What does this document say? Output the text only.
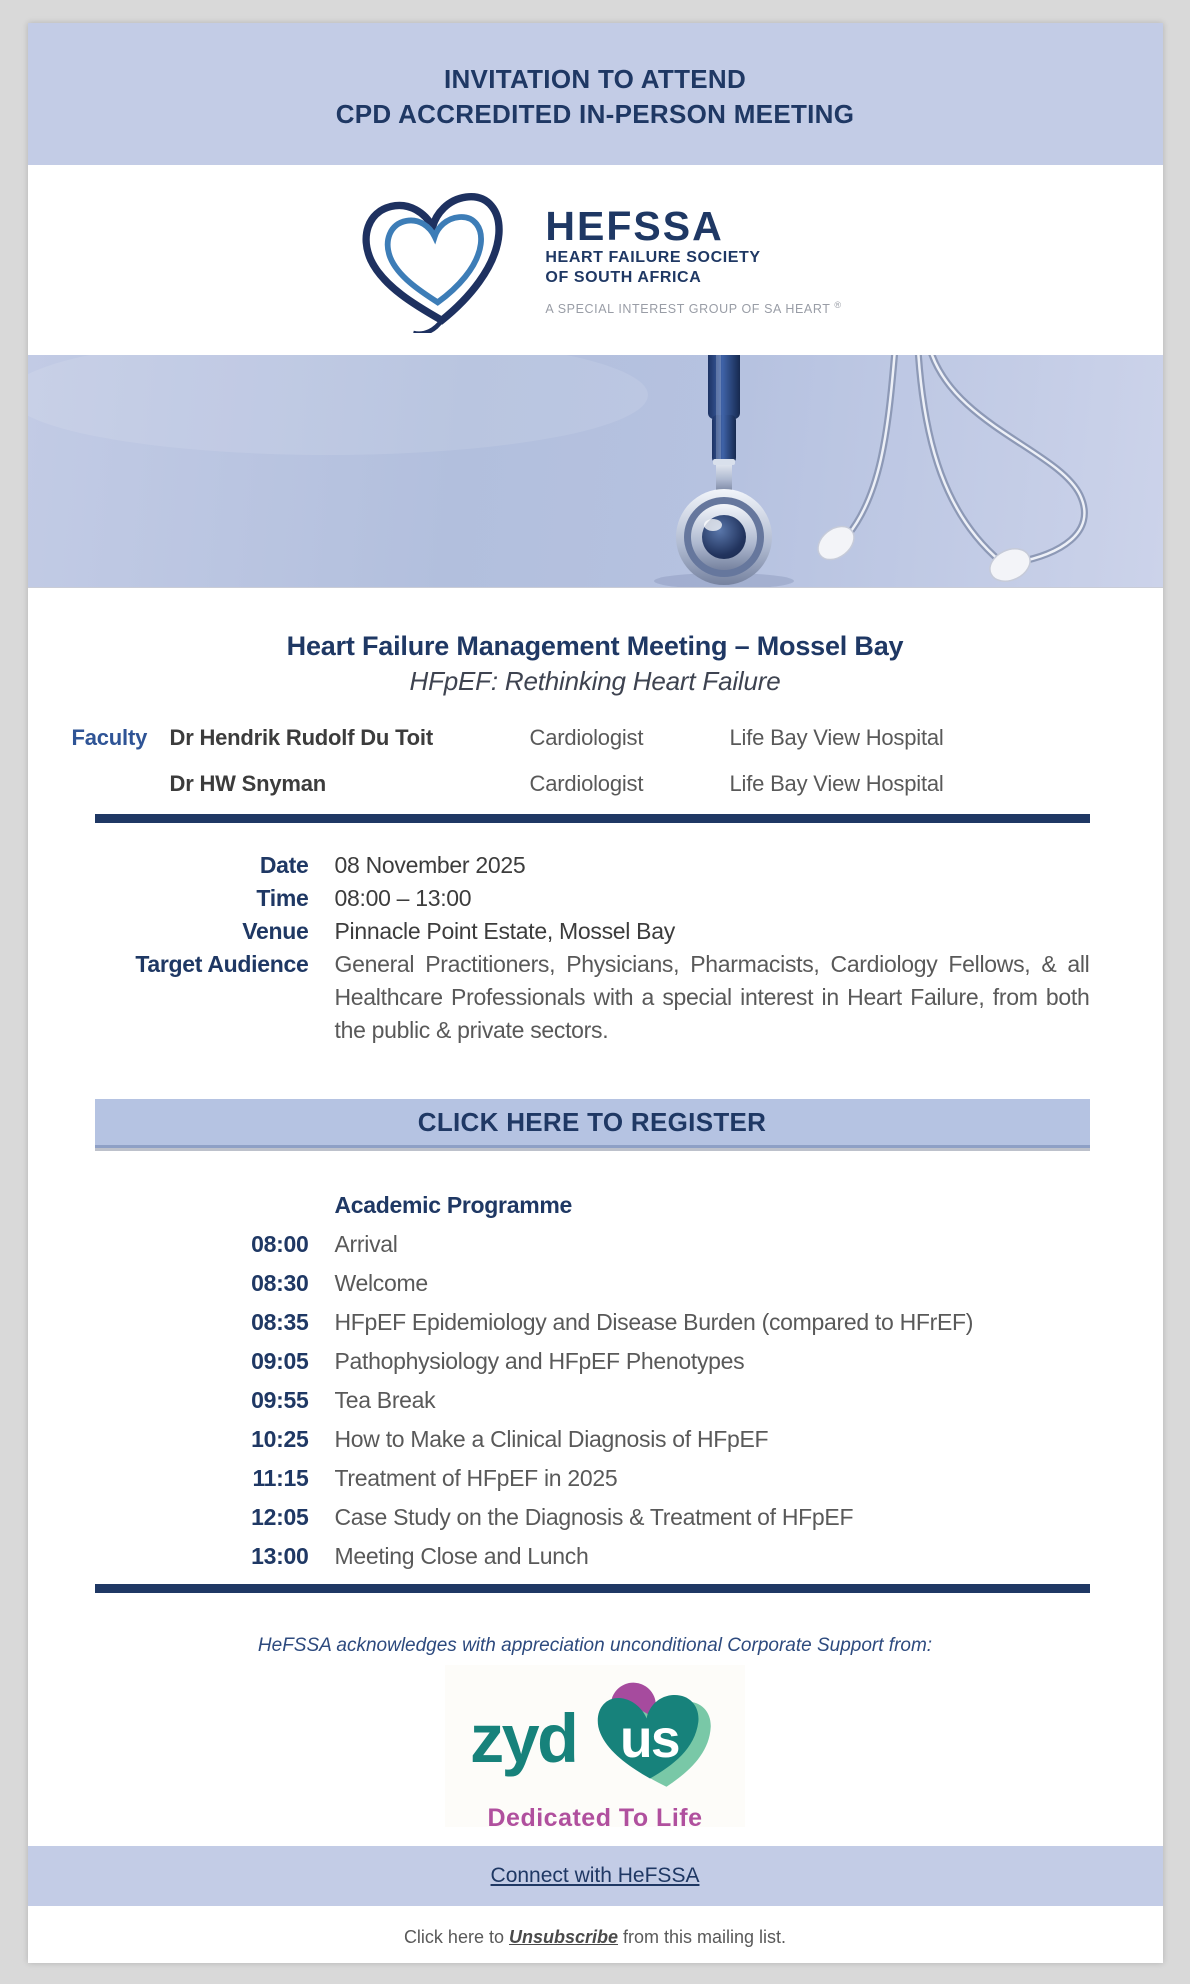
INVITATION TO ATTEND
CPD ACCREDITED IN-PERSON MEETING
HEFSSA
HEART FAILURE SOCIETY
OF SOUTH AFRICA
A SPECIAL INTEREST GROUP OF SA HEART ®
Heart Failure Management Meeting – Mossel Bay
HFpEF: Rethinking Heart Failure
Faculty	Dr Hendrik Rudolf Du Toit	Cardiologist	Life Bay View Hospital
Dr HW Snyman	Cardiologist	Life Bay View Hospital
Date 08 November 2025
Time 08:00 – 13:00
Venue Pinnacle Point Estate, Mossel Bay
Target Audience General Practitioners, Physicians, Pharmacists, Cardiology Fellows, & all Healthcare Professionals with a special interest in Heart Failure, from both the public & private sectors.
CLICK HERE TO REGISTER
Academic Programme
08:00 Arrival
08:30 Welcome
08:35 HFpEF Epidemiology and Disease Burden (compared to HFrEF)
09:05 Pathophysiology and HFpEF Phenotypes
09:55 Tea Break
10:25 How to Make a Clinical Diagnosis of HFpEF
11:15 Treatment of HFpEF in 2025
12:05 Case Study on the Diagnosis & Treatment of HFpEF
13:00 Meeting Close and Lunch

HeFSSA acknowledges with appreciation unconditional Corporate Support from:

zyd us
Dedicated To Life
Connect with HeFSSA

Click here to Unsubscribe from this mailing list.
